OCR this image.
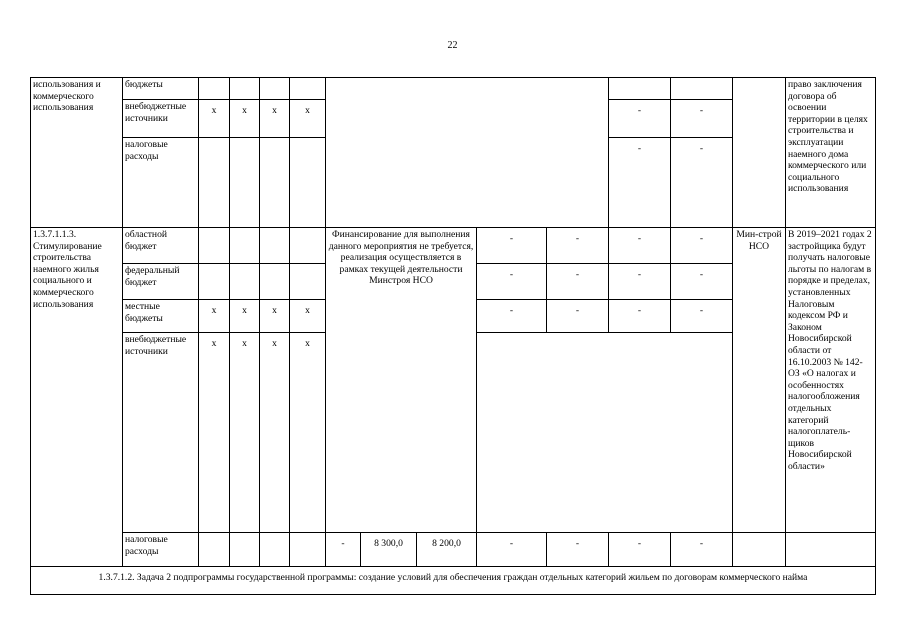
22
использования и коммерческого использования	бюджеты													право заключения договора об освоении территории в целях строительства и эксплуатации наемного дома коммерческого или социального использования
	внебюджетные источники	x	x	x	x						-	-		
	налоговые расходы										-	-		
1.3.7.1.1.3. Стимулирование строительства наемного жилья социального и коммерческого использования	областной бюджет					Финансирование для выполнения данного мероприятия не требуется, реализация осуществляется в рамках текущей деятельности Минстроя НСО			-	-	-	-	Мин-строй НСО	В 2019–2021 годах 2 застройщика будут получать налоговые льготы по налогам в порядке и пределах, установленных Налоговым кодексом РФ и Законом Новосибирской области от 16.10.2003 № 142-ОЗ «О налогах и особенностях налогообложения отдельных категорий налогоплатель-щиков Новосибирской области»
	федеральный бюджет								-	-	-	-		
	местные бюджеты	x	x	x	x				-	-	-	-		
	внебюджетные источники	x	x	x	x									
	налоговые расходы					-	8 300,0	8 200,0	-	-	-	-		
1.3.7.1.2. Задача 2 подпрограммы государственной программы: создание условий для обеспечения граждан отдельных категорий жильем по договорам коммерческого найма														
